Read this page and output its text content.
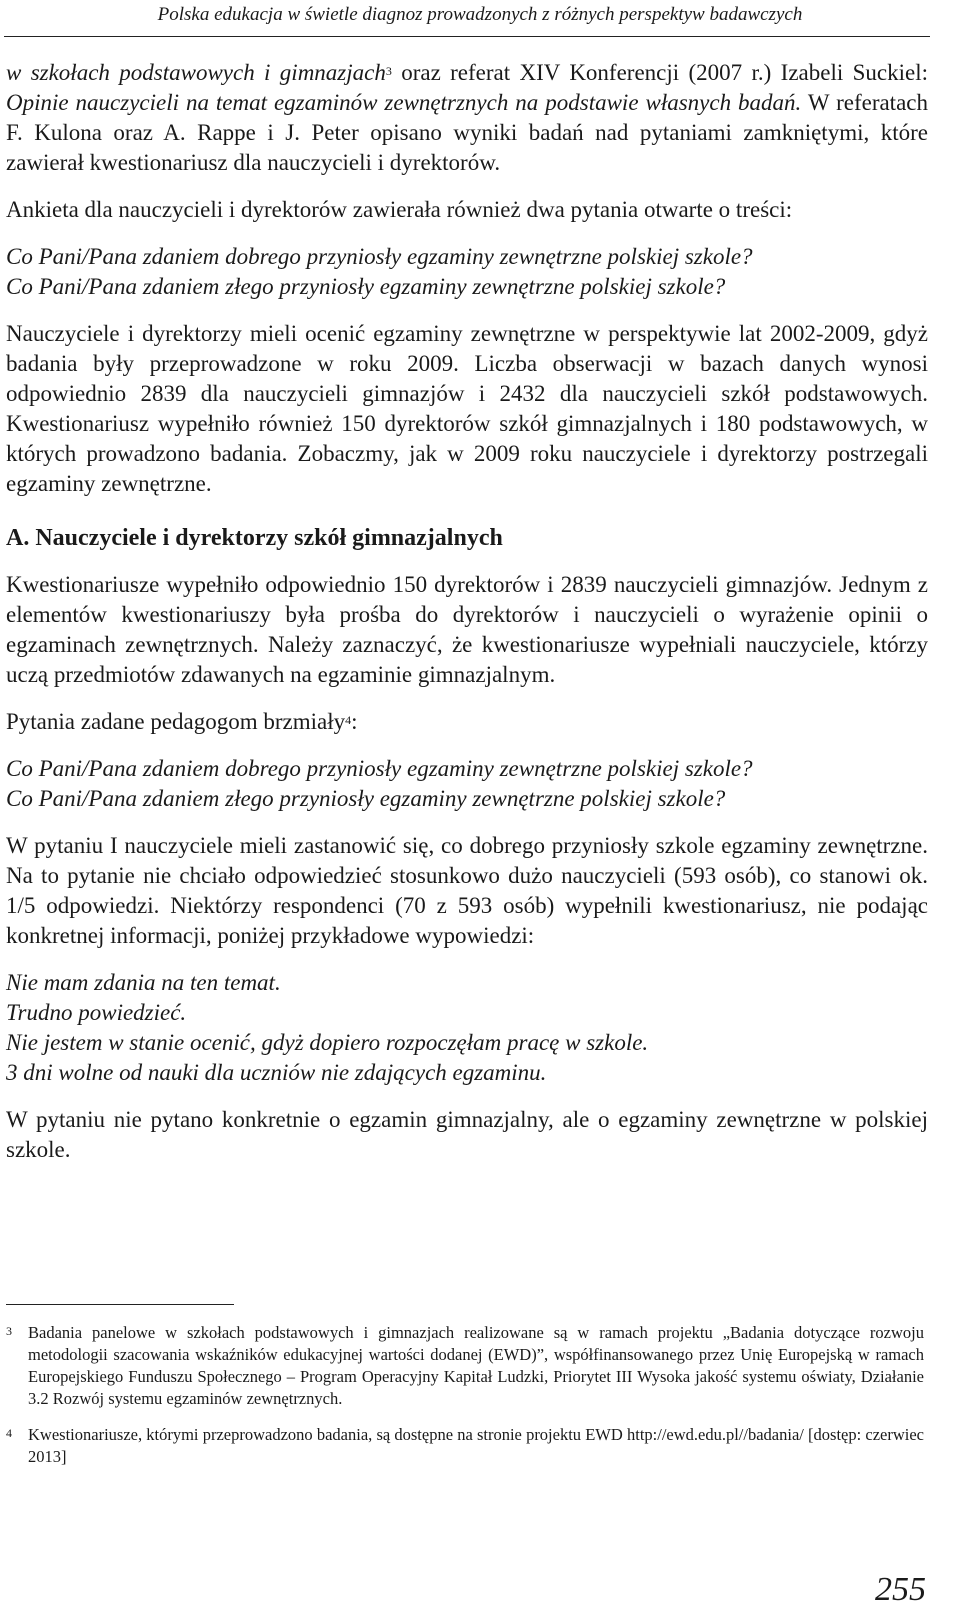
Polska edukacja w świetle diagnoz prowadzonych z różnych perspektyw badawczych

w szkołach podstawowych i gimnazjach$^3$ oraz referat XIV Konferencji (2007 r.) Izabeli Suckiel: Opinie nauczycieli na temat egzaminów zewnętrznych na podstawie własnych badań. W referatach F. Kulona oraz A. Rappe i J. Peter opisano wyniki badań nad pytaniami zamkniętymi, które zawierał kwestionariusz dla nauczycieli i dyrektorów.

Ankieta dla nauczycieli i dyrektorów zawierała również dwa pytania otwarte o treści:

Co Pani/Pana zdaniem dobrego przyniosły egzaminy zewnętrzne polskiej szkole?

Co Pani/Pana zdaniem złego przyniosły egzaminy zewnętrzne polskiej szkole?

Nauczyciele i dyrektorzy mieli ocenić egzaminy zewnętrzne w perspektywie lat 2002-2009, gdyż badania były przeprowadzone w roku 2009. Liczba obserwacji w bazach danych wynosi odpowiednio 2839 dla nauczycieli gimnazjów i 2432 dla nauczycieli szkół podstawowych. Kwestionariusz wypełniło również 150 dyrektorów szkół gimnazjalnych i 180 podstawowych, w których prowadzono badania. Zobaczmy, jak w 2009 roku nauczyciele i dyrektorzy postrzegali egzaminy zewnętrzne.

A. Nauczyciele i dyrektorzy szkół gimnazjalnych

Kwestionariusze wypełniło odpowiednio 150 dyrektorów i 2839 nauczycieli gimnazjów. Jednym z elementów kwestionariuszy była prośba do dyrektorów i nauczycieli o wyrażenie opinii o egzaminach zewnętrznych. Należy zaznaczyć, że kwestionariusze wypełniali nauczyciele, którzy uczą przedmiotów zdawanych na egzaminie gimnazjalnym.

Pytania zadane pedagogom brzmiały$^4$:

Co Pani/Pana zdaniem dobrego przyniosły egzaminy zewnętrzne polskiej szkole?

Co Pani/Pana zdaniem złego przyniosły egzaminy zewnętrzne polskiej szkole?

W pytaniu I nauczyciele mieli zastanowić się, co dobrego przyniosły szkole egzaminy zewnętrzne. Na to pytanie nie chciało odpowiedzieć stosunkowo dużo nauczycieli (593 osób), co stanowi ok. 1/5 odpowiedzi. Niektórzy respondenci (70 z 593 osób) wypełnili kwestionariusz, nie podając konkretnej informacji, poniżej przykładowe wypowiedzi:

Nie mam zdania na ten temat.

Trudno powiedzieć.

Nie jestem w stanie ocenić, gdyż dopiero rozpoczęłam pracę w szkole.

3 dni wolne od nauki dla uczniów nie zdających egzaminu.

W pytaniu nie pytano konkretnie o egzamin gimnazjalny, ale o egzaminy zewnętrzne w polskiej szkole.

3 Badania panelowe w szkołach podstawowych i gimnazjach realizowane są w ramach projektu „Badania dotyczące rozwoju metodologii szacowania wskaźników edukacyjnej wartości dodanej (EWD)”, współfinansowanego przez Unię Europejską w ramach Europejskiego Funduszu Społecznego – Program Operacyjny Kapitał Ludzki, Priorytet III Wysoka jakość systemu oświaty, Działanie 3.2 Rozwój systemu egzaminów zewnętrznych.

4 Kwestionariusze, którymi przeprowadzono badania, są dostępne na stronie projektu EWD http://ewd.edu.pl//badania/ [dostęp: czerwiec 2013]

255
